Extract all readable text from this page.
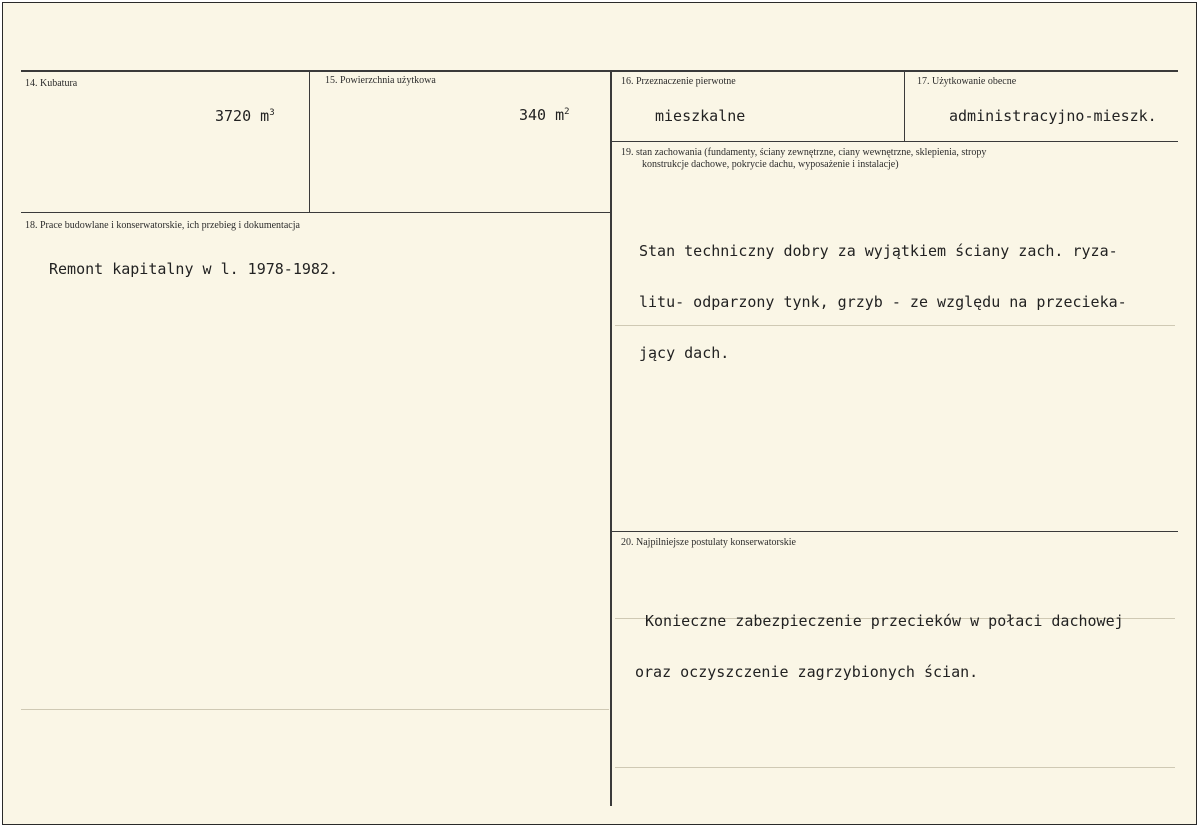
14. Kubatura
3720 $m^3$
15. Powierzchnia użytkowa
340 $m^2$
16. Przeznaczenie pierwotne
mieszkalne
17. Użytkowanie obecne
administracyjno-mieszk.
18. Prace budowlane i konserwatorskie, ich przebieg i dokumentacja
Remont kapitalny w l. 1978-1982.
19. stan zachowania (fundamenty, ściany zewnętrzne, ciany wewnętrzne, sklepienia, stropy
konstrukcje dachowe, pokrycie dachu, wyposażenie i instalacje)

Stan techniczny dobry za wyjątkiem ściany zach. ryza-

litu- odparzony tynk, grzyb - ze względu na przecieka-

jący dach.

20. Najpilniejsze postulaty konserwatorskie

Konieczne zabezpieczenie przecieków w połaci dachowej

oraz oczyszczenie zagrzybionych ścian.
